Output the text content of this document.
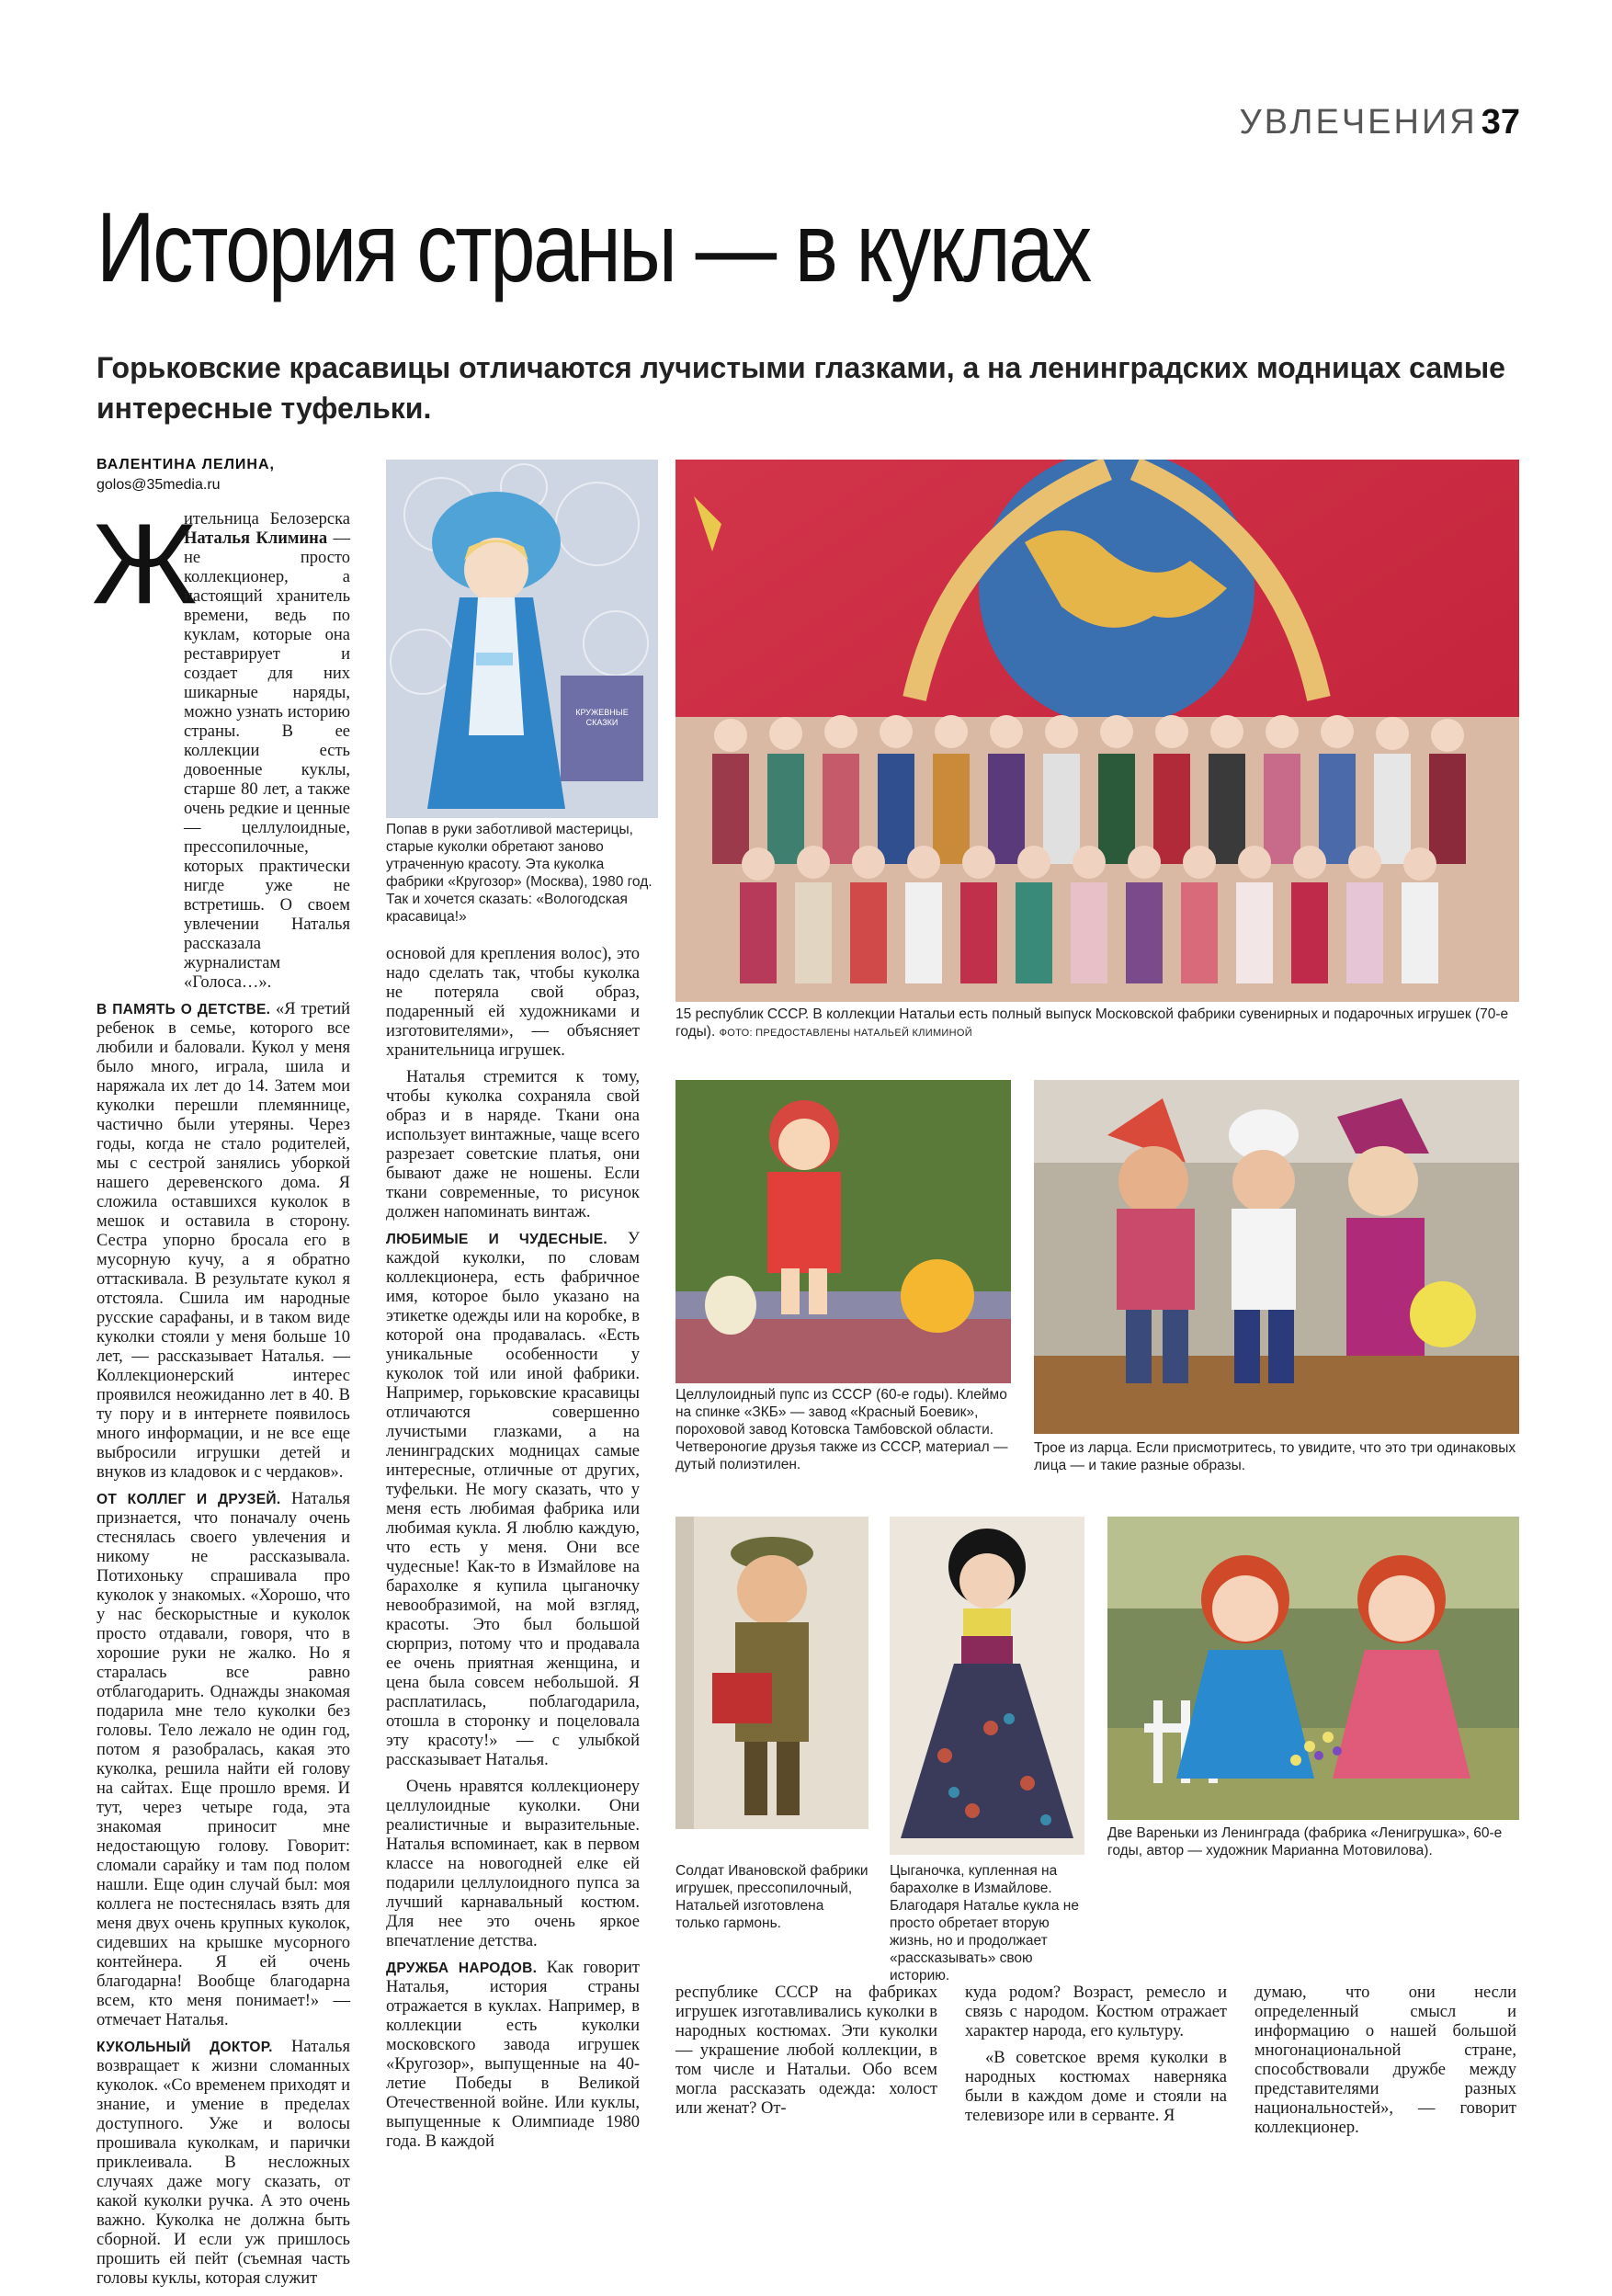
УВЛЕЧЕНИЯ 37
История страны — в куклах
Горьковские красавицы отличаются лучистыми глазками, а на ленинградских модницах самые интересные туфельки.
ВАЛЕНТИНА ЛЕЛИНА,
golos@35media.ru
Ж

ительница Белозерска Наталья Климина — не просто коллекционер, а настоящий хранитель времени, ведь по куклам, которые она реставрирует и создает для них шикарные наряды, можно узнать историю страны. В ее коллекции есть довоенные куклы, старше 80 лет, а также очень редкие и ценные — целлулоидные, прессопилочные, которых практически нигде уже не встретишь. О своем увлечении Наталья рассказала журналистам «Голоса…».

В ПАМЯТЬ О ДЕТСТВЕ. «Я третий ребенок в семье, которого все любили и баловали. Кукол у меня было много, играла, шила и наряжала их лет до 14. Затем мои куколки перешли племяннице, частично были утеряны. Через годы, когда не стало родителей, мы с сестрой занялись уборкой нашего деревенского дома. Я сложила оставшихся куколок в мешок и оставила в сторону. Сестра упорно бросала его в мусорную кучу, а я обратно оттаскивала. В результате кукол я отстояла. Сшила им народные русские сарафаны, и в таком виде куколки стояли у меня больше 10 лет, — рассказывает Наталья. — Коллекционерский интерес проявился неожиданно лет в 40. В ту пору и в интернете появилось много информации, и не все еще выбросили игрушки детей и внуков из кладовок и с чердаков».

ОТ КОЛЛЕГ И ДРУЗЕЙ. Наталья признается, что поначалу очень стеснялась своего увлечения и никому не рассказывала. Потихоньку спрашивала про куколок у знакомых. «Хорошо, что у нас бескорыстные и куколок просто отдавали, говоря, что в хорошие руки не жалко. Но я старалась все равно отблагодарить. Однажды знакомая подарила мне тело куколки без головы. Тело лежало не один год, потом я разобралась, какая это куколка, решила найти ей голову на сайтах. Еще прошло время. И тут, через четыре года, эта знакомая приносит мне недостающую голову. Говорит: сломали сарайку и там под полом нашли. Еще один случай был: моя коллега не постеснялась взять для меня двух очень крупных куколок, сидевших на крышке мусорного контейнера. Я ей очень благодарна! Вообще благодарна всем, кто меня понимает!» — отмечает Наталья.

КУКОЛЬНЫЙ ДОКТОР. Наталья возвращает к жизни сломанных куколок. «Со временем приходят и знание, и умение в пределах доступного. Уже и волосы прошивала куколкам, и парички приклеивала. В несложных случаях даже могу сказать, от какой куколки ручка. А это очень важно. Куколка не должна быть сборной. И если уж пришлось прошить ей пейт (съемная часть головы куклы, которая служит

основой для крепления волос), это надо сделать так, чтобы куколка не потеряла свой образ, подаренный ей художниками и изготовителями», — объясняет хранительница игрушек.

Наталья стремится к тому, чтобы куколка сохраняла свой образ и в наряде. Ткани она использует винтажные, чаще всего разрезает советские платья, они бывают даже не ношены. Если ткани современные, то рисунок должен напоминать винтаж.

ЛЮБИМЫЕ И ЧУДЕСНЫЕ. У каждой куколки, по словам коллекционера, есть фабричное имя, которое было указано на этикетке одежды или на коробке, в которой она продавалась. «Есть уникальные особенности у куколок той или иной фабрики. Например, горьковские красавицы отличаются совершенно лучистыми глазками, а на ленинградских модницах самые интересные, отличные от других, туфельки. Не могу сказать, что у меня есть любимая фабрика или любимая кукла. Я люблю каждую, что есть у меня. Они все чудесные! Как-то в Измайлове на барахолке я купила цыганочку невообразимой, на мой взгляд, красоты. Это был большой сюрприз, потому что и продавала ее очень приятная женщина, и цена была совсем небольшой. Я расплатилась, поблагодарила, отошла в сторонку и поцеловала эту красоту!» — с улыбкой рассказывает Наталья.

Очень нравятся коллекционеру целлулоидные куколки. Они реалистичные и выразительные. Наталья вспоминает, как в первом классе на новогодней елке ей подарили целлулоидного пупса за лучший карнавальный костюм. Для нее это очень яркое впечатление детства.

ДРУЖБА НАРОДОВ. Как говорит Наталья, история страны отражается в куклах. Например, в коллекции есть куколки московского завода игрушек «Кругозор», выпущенные на 40-летие Победы в Великой Отечественной войне. Или куклы, выпущенные к Олимпиаде 1980 года. В каждой

республике СССР на фабриках игрушек изготавливались куколки в народных костюмах. Эти куколки — украшение любой коллекции, в том числе и Натальи. Обо всем могла рассказать одежда: холост или женат? От-

куда родом? Возраст, ремесло и связь с народом. Костюм отражает характер народа, его культуру.

«В советское время куколки в народных костюмах наверняка были в каждом доме и стояли на телевизоре или в серванте. Я

думаю, что они несли определенный смысл и информацию о нашей большой многонациональной стране, способствовали дружбе между представителями разных национальностей», — говорит коллекционер.

КРУЖЕВНЫЕ СКАЗКИ
Попав в руки заботливой мастерицы, старые куколки обретают заново утраченную красоту. Эта куколка фабрики «Кругозор» (Москва), 1980 год. Так и хочется сказать: «Вологодская красавица!»
15 республик СССР. В коллекции Натальи есть полный выпуск Московской фабрики сувенирных и подарочных игрушек (70-е годы). ФОТО: ПРЕДОСТАВЛЕНЫ НАТАЛЬЕЙ КЛИМИНОЙ
Целлулоидный пупс из СССР (60-е годы). Клеймо на спинке «ЗКБ» — завод «Красный Боевик», пороховой завод Котовска Тамбовской области. Четвероногие друзья также из СССР, материал — дутый полиэтилен.
Трое из ларца. Если присмотритесь, то увидите, что это три одинаковых лица — и такие разные образы.
Солдат Ивановской фабрики игрушек, прессопилочный, Натальей изготовлена только гармонь.
Цыганочка, купленная на барахолке в Измайлове. Благодаря Наталье кукла не просто обретает вторую жизнь, но и продолжает «рассказывать» свою историю.
Две Вареньки из Ленинграда (фабрика «Ленигрушка», 60-е годы, автор — художник Марианна Мотовилова).
